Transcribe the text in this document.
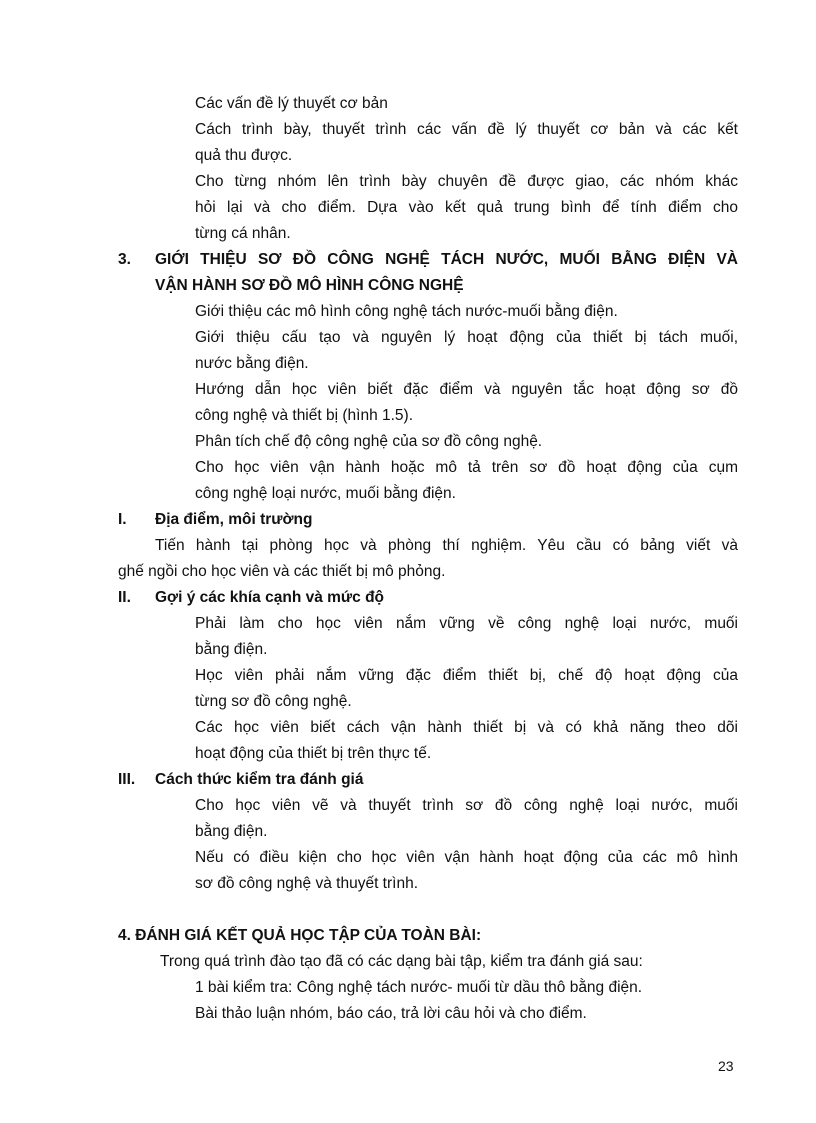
Các vấn đề lý thuyết cơ bản
Cách trình bày, thuyết trình các vấn đề lý thuyết cơ bản và các kết
quả thu được.
Cho từng nhóm lên trình bày chuyên đề được giao, các nhóm khác
hỏi lại và cho điểm. Dựa vào kết quả trung bình để tính điểm cho
từng cá nhân.
3. GIỚI THIỆU SƠ ĐỒ CÔNG NGHỆ TÁCH NƯỚC, MUỐI BẰNG ĐIỆN VÀ
VẬN HÀNH SƠ ĐỒ MÔ HÌNH CÔNG NGHỆ
Giới thiệu các mô hình công nghệ tách nước-muối bằng điện.
Giới thiệu cấu tạo và nguyên lý hoạt động của thiết bị tách muối,
nước bằng điện.
Hướng dẫn học viên biết đặc điểm và nguyên tắc hoạt động sơ đồ
công nghệ và thiết bị (hình 1.5).
Phân tích chế độ công nghệ của sơ đồ công nghệ.
Cho học viên vận hành hoặc mô tả trên sơ đồ hoạt động của cụm
công nghệ loại nước, muối bằng điện.
I. Địa điểm, môi trường
Tiến hành tại phòng học và phòng thí nghiệm. Yêu cầu có bảng viết và
ghế ngồi cho học viên và các thiết bị mô phỏng.
II. Gợi ý các khía cạnh và mức độ
Phải làm cho học viên nắm vững về công nghệ loại nước, muối
bằng điện.
Học viên phải nắm vững đặc điểm thiết bị, chế độ hoạt động của
từng sơ đồ công nghệ.
Các học viên biết cách vận hành thiết bị và có khả năng theo dõi
hoạt động của thiết bị trên thực tế.
III. Cách thức kiểm tra đánh giá
Cho học viên vẽ và thuyết trình sơ đồ công nghệ loại nước, muối
bằng điện.
Nếu có điều kiện cho học viên vận hành hoạt động của các mô hình
sơ đồ công nghệ và thuyết trình.
4. ĐÁNH GIÁ KẾT QUẢ HỌC TẬP CỦA TOÀN BÀI:
Trong quá trình đào tạo đã có các dạng bài tập, kiểm tra đánh giá sau:
1 bài kiểm tra: Công nghệ tách nước- muối từ dầu thô bằng điện.
Bài thảo luận nhóm, báo cáo, trả lời câu hỏi và cho điểm.
23
